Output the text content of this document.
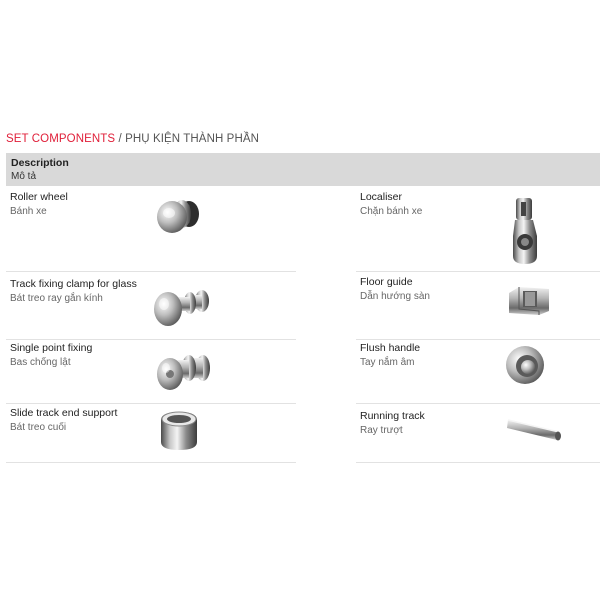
SET COMPONENTS / PHỤ KIỆN THÀNH PHẦN
Description
Mô tả
Roller wheel
Bánh xe
Track fixing clamp for glass
Bát treo ray gắn kính
Single point fixing
Bas chống lật
Slide track end support
Bát treo cuối
Localiser
Chặn bánh xe
Floor guide
Dẫn hướng sàn
Flush handle
Tay nắm âm
Running track
Ray trượt
